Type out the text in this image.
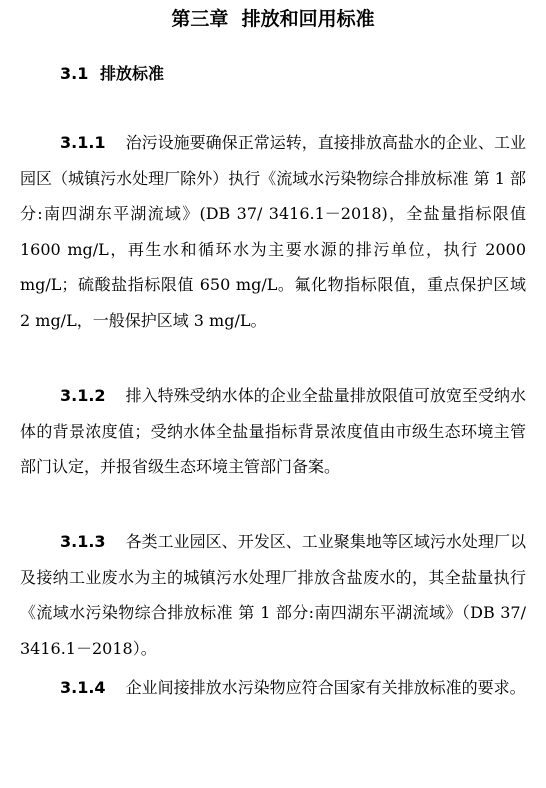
第三章  排放和回用标准
3.1 排放标准

3.1.1 治污设施要确保正常运转，直接排放高盐水的企业、工业园区（城镇污水处理厂除外）执行《流域水污染物综合排放标准 第 1 部分:南四湖东平湖流域》(DB 37/ 3416.1－2018)，全盐量指标限值 1600 mg/L，再生水和循环水为主要水源的排污单位，执行 2000 mg/L；硫酸盐指标限值 650 mg/L。氟化物指标限值，重点保护区域 2 mg/L，一般保护区域 3 mg/L。

3.1.2 排入特殊受纳水体的企业全盐量排放限值可放宽至受纳水体的背景浓度值；受纳水体全盐量指标背景浓度值由市级生态环境主管部门认定，并报省级生态环境主管部门备案。

3.1.3 各类工业园区、开发区、工业聚集地等区域污水处理厂以及接纳工业废水为主的城镇污水处理厂排放含盐废水的，其全盐量执行《流域水污染物综合排放标准 第 1 部分:南四湖东平湖流域》（DB 37/ 3416.1－2018）。

3.1.4 企业间接排放水污染物应符合国家有关排放标准的要求。
